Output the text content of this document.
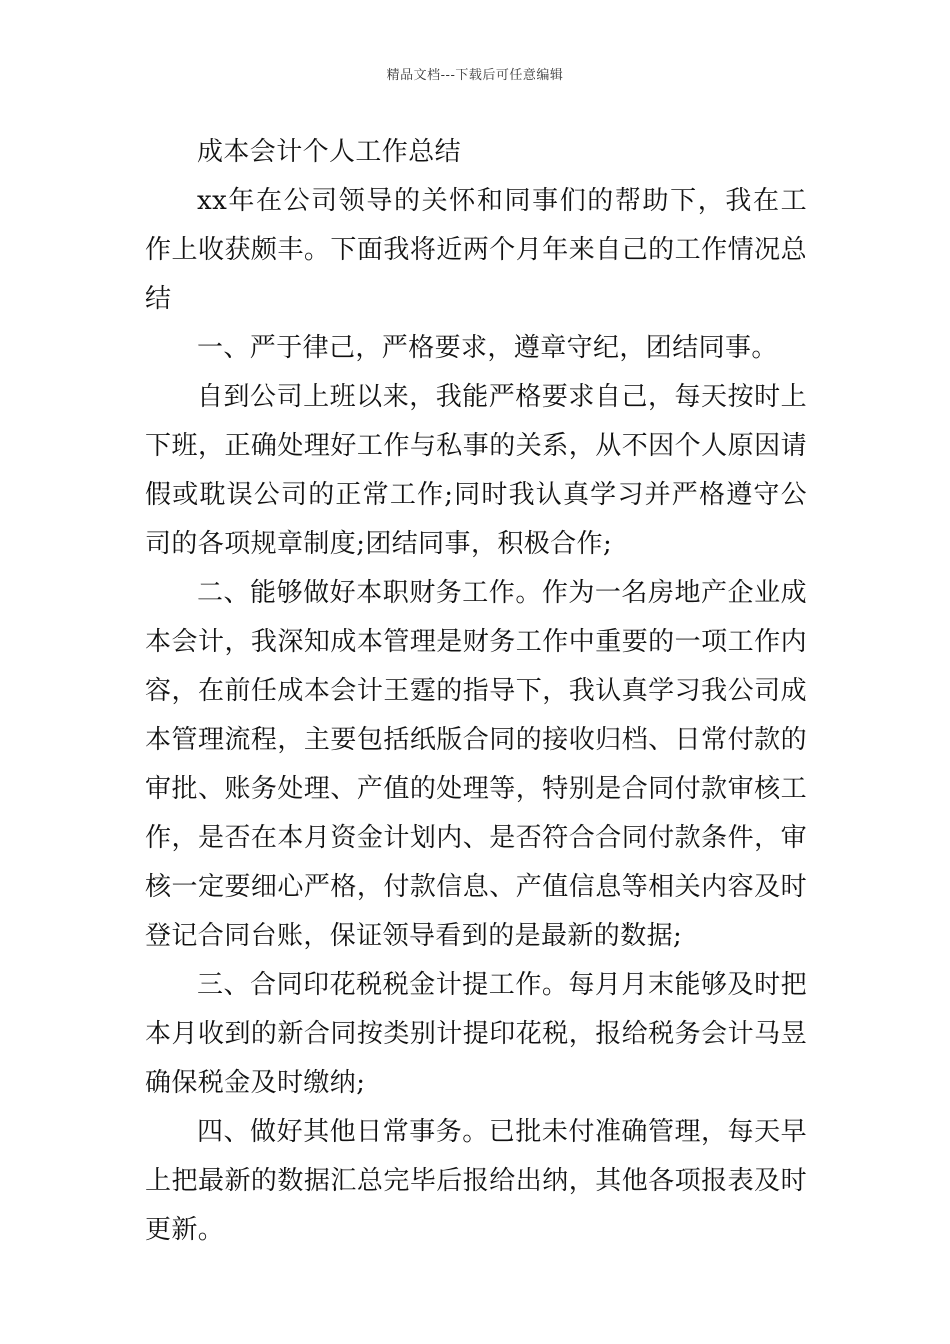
精品文档---下载后可任意编辑

成本会计个人工作总结

xx年在公司领导的关怀和同事们的帮助下，我在工作上收获颇丰。下面我将近两个月年来自己的工作情况总结

一、严于律己，严格要求，遵章守纪，团结同事。

自到公司上班以来，我能严格要求自己，每天按时上下班，正确处理好工作与私事的关系，从不因个人原因请假或耽误公司的正常工作;同时我认真学习并严格遵守公司的各项规章制度;团结同事，积极合作;

二、能够做好本职财务工作。作为一名房地产企业成本会计，我深知成本管理是财务工作中重要的一项工作内容，在前任成本会计王霆的指导下，我认真学习我公司成本管理流程，主要包括纸版合同的接收归档、日常付款的审批、账务处理、产值的处理等，特别是合同付款审核工作，是否在本月资金计划内、是否符合合同付款条件，审核一定要细心严格，付款信息、产值信息等相关内容及时登记合同台账，保证领导看到的是最新的数据;

三、合同印花税税金计提工作。每月月末能够及时把本月收到的新合同按类别计提印花税，报给税务会计马昱确保税金及时缴纳;

四、做好其他日常事务。已批未付准确管理，每天早上把最新的数据汇总完毕后报给出纳，其他各项报表及时更新。
